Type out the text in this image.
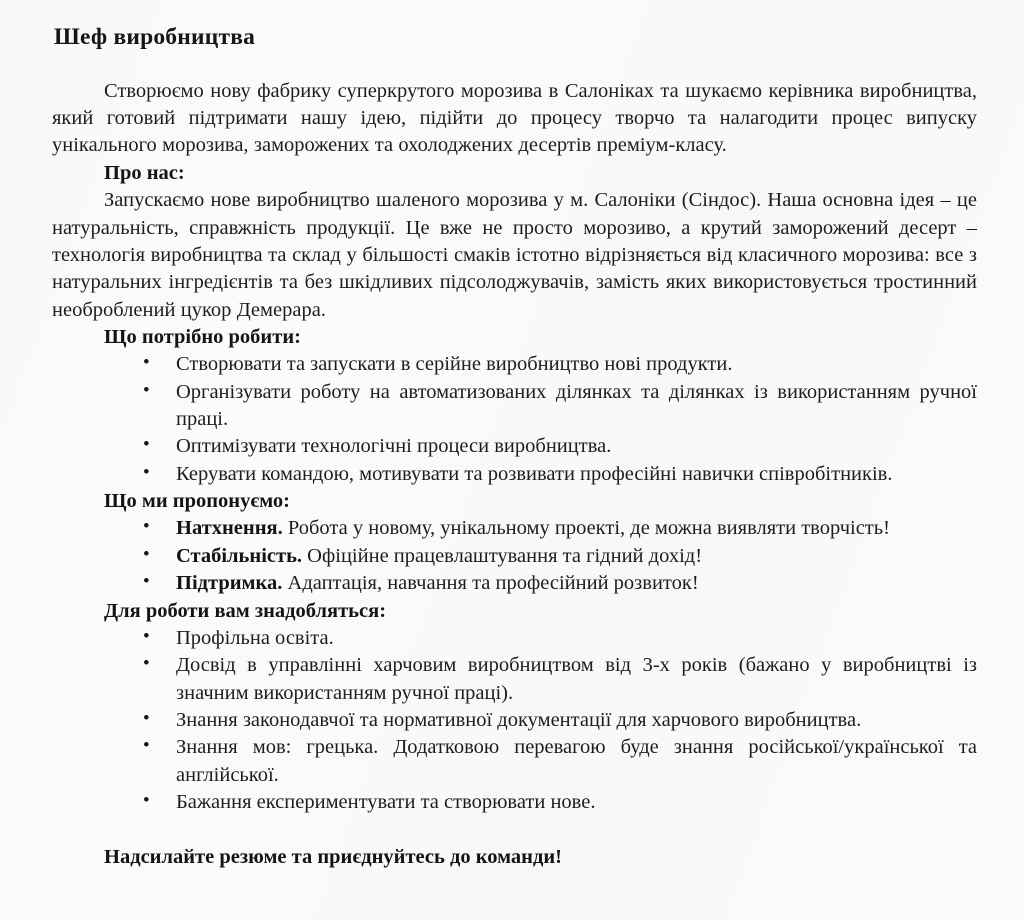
Шеф виробництва

Створюємо нову фабрику суперкрутого морозива в Салоніках та шукаємо керівника виробництва, який готовий підтримати нашу ідею, підійти до процесу творчо та налагодити процес випуску унікального морозива, заморожених та охолоджених десертів преміум-класу.

Про нас:

Запускаємо нове виробництво шаленого морозива у м. Салоніки (Сіндос). Наша основна ідея – це натуральність, справжність продукції. Це вже не просто морозиво, а крутий заморожений десерт – технологія виробництва та склад у більшості смаків істотно відрізняється від класичного морозива: все з натуральних інгредієнтів та без шкідливих підсолоджувачів, замість яких використовується тростинний необроблений цукор Демерара.

Що потрібно робити:

• Створювати та запускати в серійне виробництво нові продукти.
• Організувати роботу на автоматизованих ділянках та ділянках із використанням ручної праці.
• Оптимізувати технологічні процеси виробництва.
• Керувати командою, мотивувати та розвивати професійні навички співробітників.

Що ми пропонуємо:

• Натхнення. Робота у новому, унікальному проекті, де можна виявляти творчість!
• Стабільність. Офіційне працевлаштування та гідний дохід!
• Підтримка. Адаптація, навчання та професійний розвиток!

Для роботи вам знадобляться:

• Профільна освіта.
• Досвід в управлінні харчовим виробництвом від 3-х років (бажано у виробництві із значним використанням ручної праці).
• Знання законодавчої та нормативної документації для харчового виробництва.
• Знання мов: грецька. Додатковою перевагою буде знання російської/української та англійської.
• Бажання експериментувати та створювати нове.

Надсилайте резюме та приєднуйтесь до команди!
